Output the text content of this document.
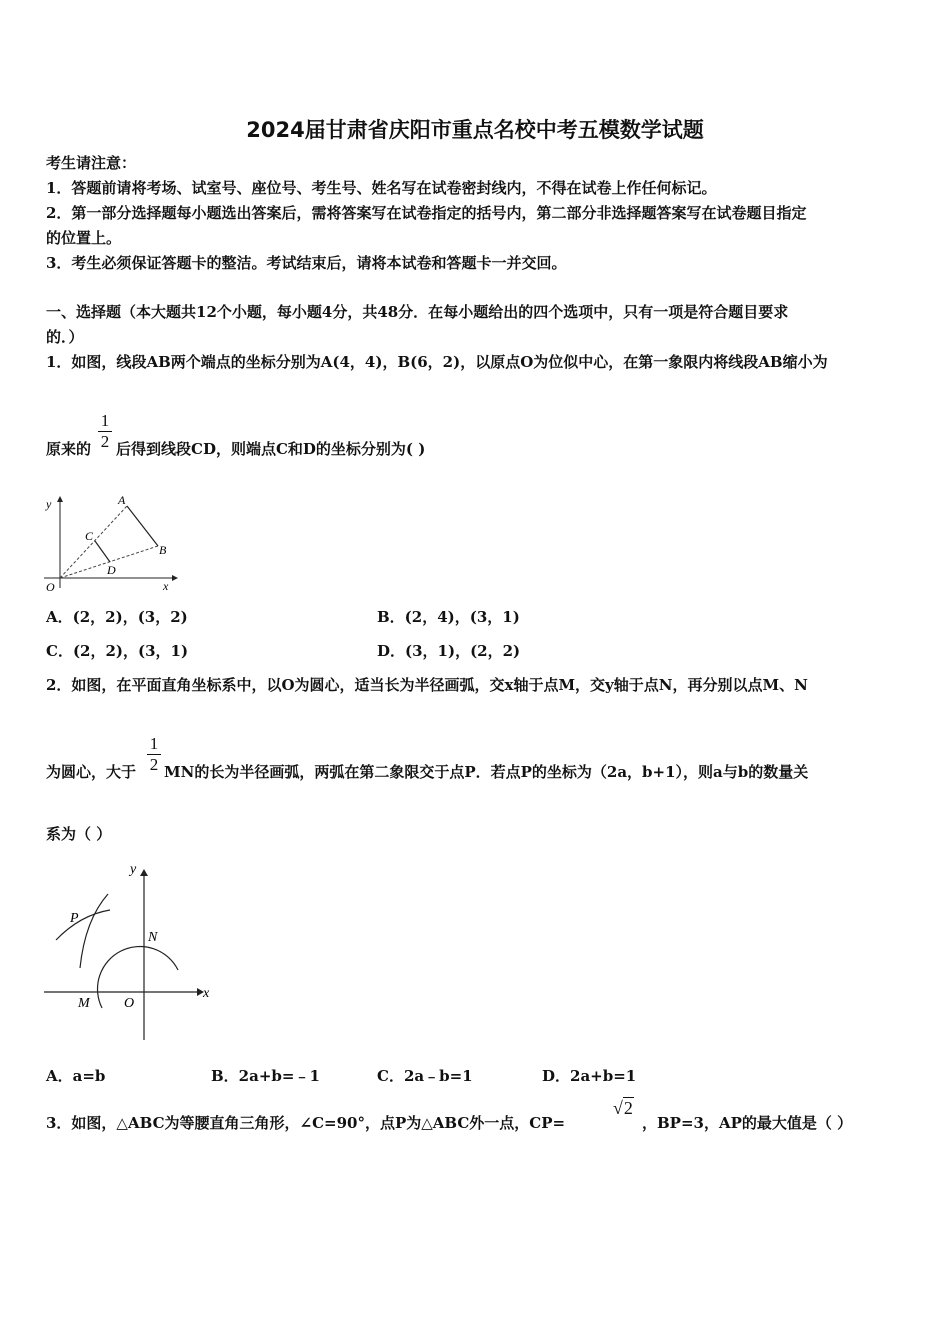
2024届甘肃省庆阳市重点名校中考五模数学试题
考生请注意：
1．答题前请将考场、试室号、座位号、考生号、姓名写在试卷密封线内，不得在试卷上作任何标记。
2．第一部分选择题每小题选出答案后，需将答案写在试卷指定的括号内，第二部分非选择题答案写在试卷题目指定
的位置上。
3．考生必须保证答题卡的整洁。考试结束后，请将本试卷和答题卡一并交回。
一、选择题（本大题共12个小题，每小题4分，共48分．在每小题给出的四个选项中，只有一项是符合题目要求
的．）
1．如图，线段AB两个端点的坐标分别为A(4，4)，B(6，2)，以原点O为位似中心，在第一象限内将线段AB缩小为
原来的
1
2 后得到线段CD，则端点C和D的坐标分别为( )
y
x
O
A
B
C
D
A．(2，2)，(3，2)	B．(2，4)，(3，1)
C．(2，2)，(3，1)	D．(3，1)，(2，2)
2．如图，在平面直角坐标系中，以O为圆心，适当长为半径画弧，交x轴于点M，交y轴于点N，再分别以点M、N
为圆心，大于
1
2 MN的长为半径画弧，两弧在第二象限交于点P．若点P的坐标为（2a，b+1），则a与b的数量关
系为（ ）
y
x
O
M
N
P
A．a=b	B．2a+b=﹣1	C．2a﹣b=1	D．2a+b=1
3．如图，△ABC为等腰直角三角形，∠C=90°，点P为△ABC外一点，CP=
√2
，BP=3，AP的最大值是（ ）
